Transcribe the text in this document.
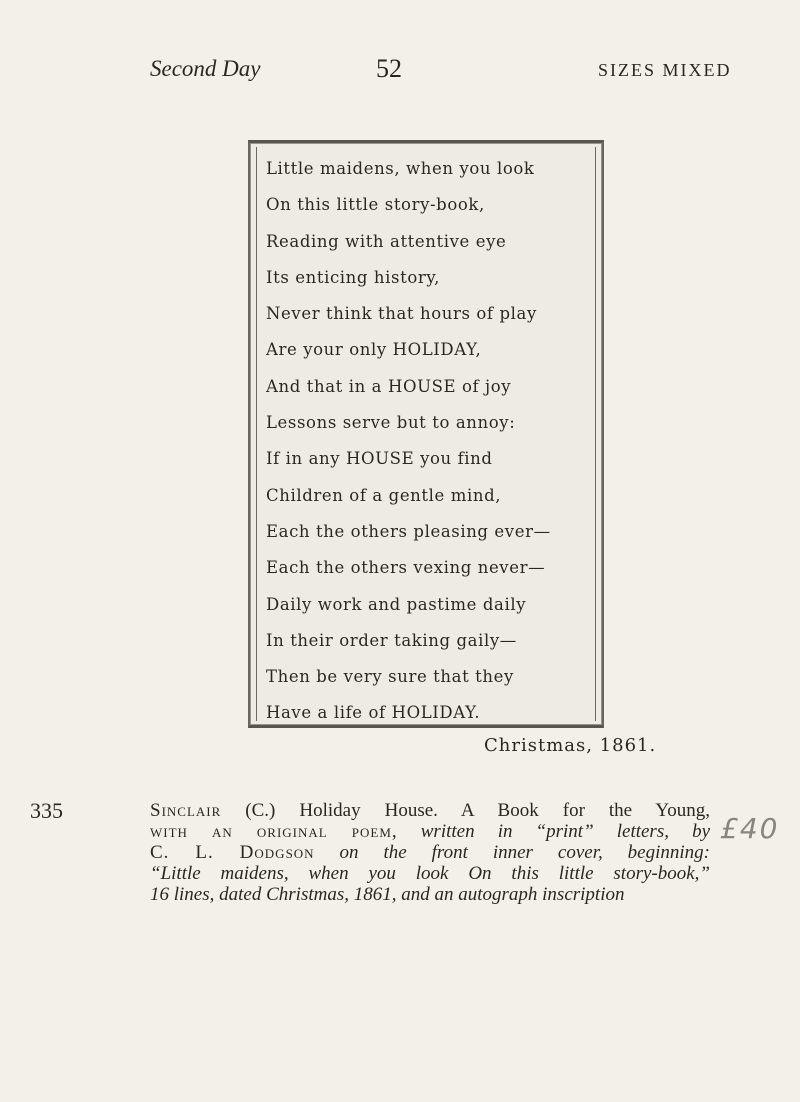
Second Day	52	SIZES MIXED
Little maidens, when you look
On this little story-book,
Reading with attentive eye
Its enticing history,
Never think that hours of play
Are your only HOLIDAY,
And that in a HOUSE of joy
Lessons serve but to annoy:
If in any HOUSE you find
Children of a gentle mind,
Each the others pleasing ever—
Each the others vexing never—
Daily work and pastime daily
In their order taking gaily—
Then be very sure that they
Have a life of HOLIDAY.
Christmas, 1861.
335	Sinclair (C.) Holiday House. A Book for the Young,

with an original poem, written in “print” letters, by

C. L. Dodgson on the front inner cover, beginning:

“Little maidens, when you look On this little story-book,”

16 lines, dated Christmas, 1861, and an autograph inscription

£40
